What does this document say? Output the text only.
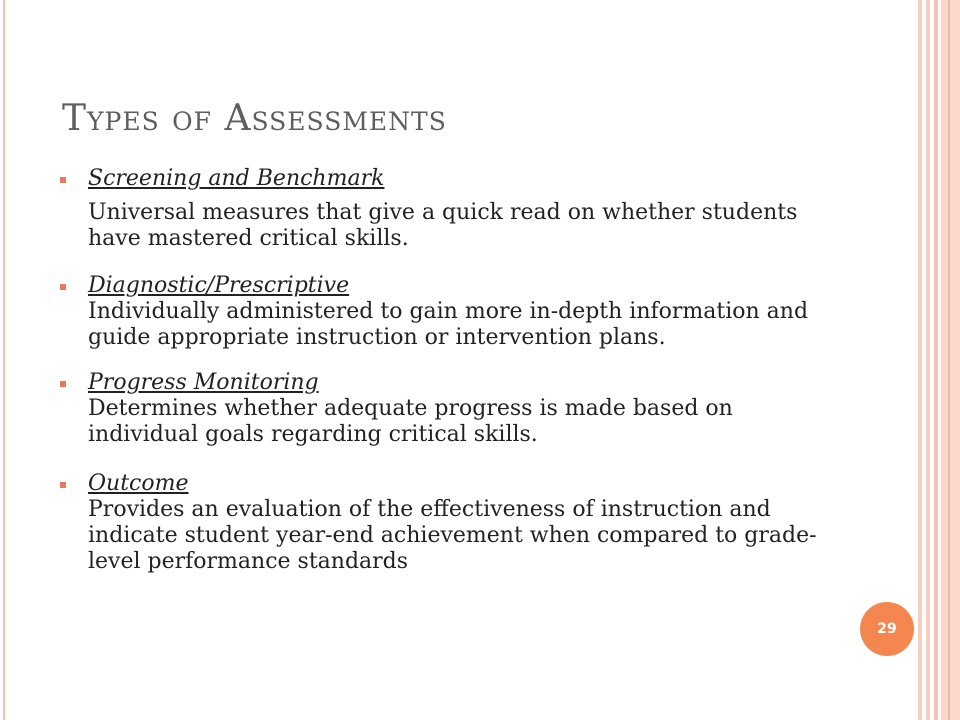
Types of Assessments
Screening and Benchmark
Universal measures that give a quick read on whether students have mastered critical skills.
Diagnostic/Prescriptive
Individually administered to gain more in-depth information and guide appropriate instruction or intervention plans.
Progress Monitoring
Determines whether adequate progress is made based on individual goals regarding critical skills.
Outcome
Provides an evaluation of the effectiveness of instruction and indicate student year-end achievement when compared to grade-level performance standards
29
